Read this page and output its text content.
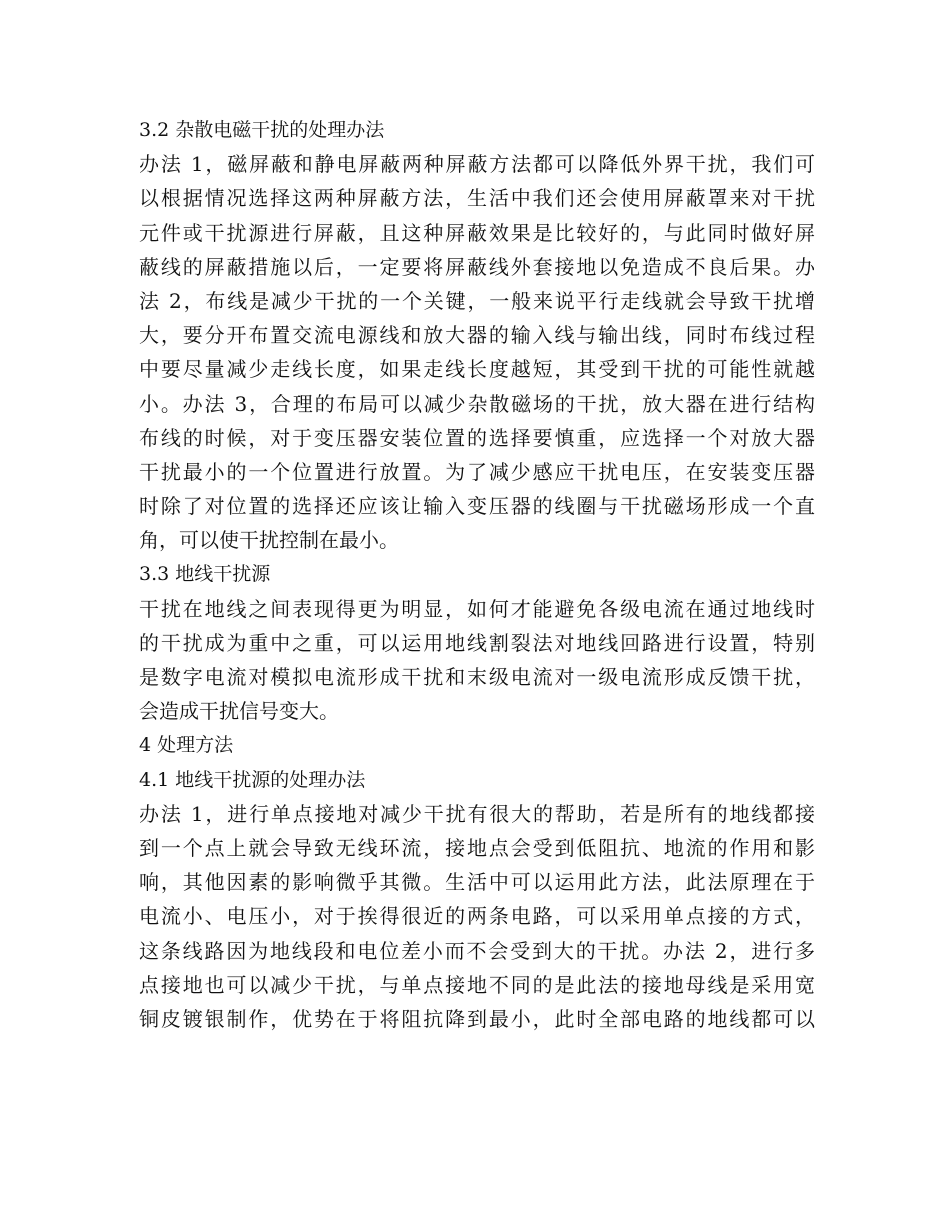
3.2 杂散电磁干扰的处理办法
办法 1，磁屏蔽和静电屏蔽两种屏蔽方法都可以降低外界干扰，我们可
以根据情况选择这两种屏蔽方法，生活中我们还会使用屏蔽罩来对干扰
元件或干扰源进行屏蔽，且这种屏蔽效果是比较好的，与此同时做好屏
蔽线的屏蔽措施以后，一定要将屏蔽线外套接地以免造成不良后果。办
法 2，布线是减少干扰的一个关键，一般来说平行走线就会导致干扰增
大，要分开布置交流电源线和放大器的输入线与输出线，同时布线过程
中要尽量减少走线长度，如果走线长度越短，其受到干扰的可能性就越
小。办法 3，合理的布局可以减少杂散磁场的干扰，放大器在进行结构
布线的时候，对于变压器安装位置的选择要慎重，应选择一个对放大器
干扰最小的一个位置进行放置。为了减少感应干扰电压，在安装变压器
时除了对位置的选择还应该让输入变压器的线圈与干扰磁场形成一个直
角，可以使干扰控制在最小。
3.3 地线干扰源
干扰在地线之间表现得更为明显，如何才能避免各级电流在通过地线时
的干扰成为重中之重，可以运用地线割裂法对地线回路进行设置，特别
是数字电流对模拟电流形成干扰和末级电流对一级电流形成反馈干扰，
会造成干扰信号变大。
4 处理方法
4.1 地线干扰源的处理办法
办法 1，进行单点接地对减少干扰有很大的帮助，若是所有的地线都接
到一个点上就会导致无线环流，接地点会受到低阻抗、地流的作用和影
响，其他因素的影响微乎其微。生活中可以运用此方法，此法原理在于
电流小、电压小，对于挨得很近的两条电路，可以采用单点接的方式，
这条线路因为地线段和电位差小而不会受到大的干扰。办法 2，进行多
点接地也可以减少干扰，与单点接地不同的是此法的接地母线是采用宽
铜皮镀银制作，优势在于将阻抗降到最小，此时全部电路的地线都可以
